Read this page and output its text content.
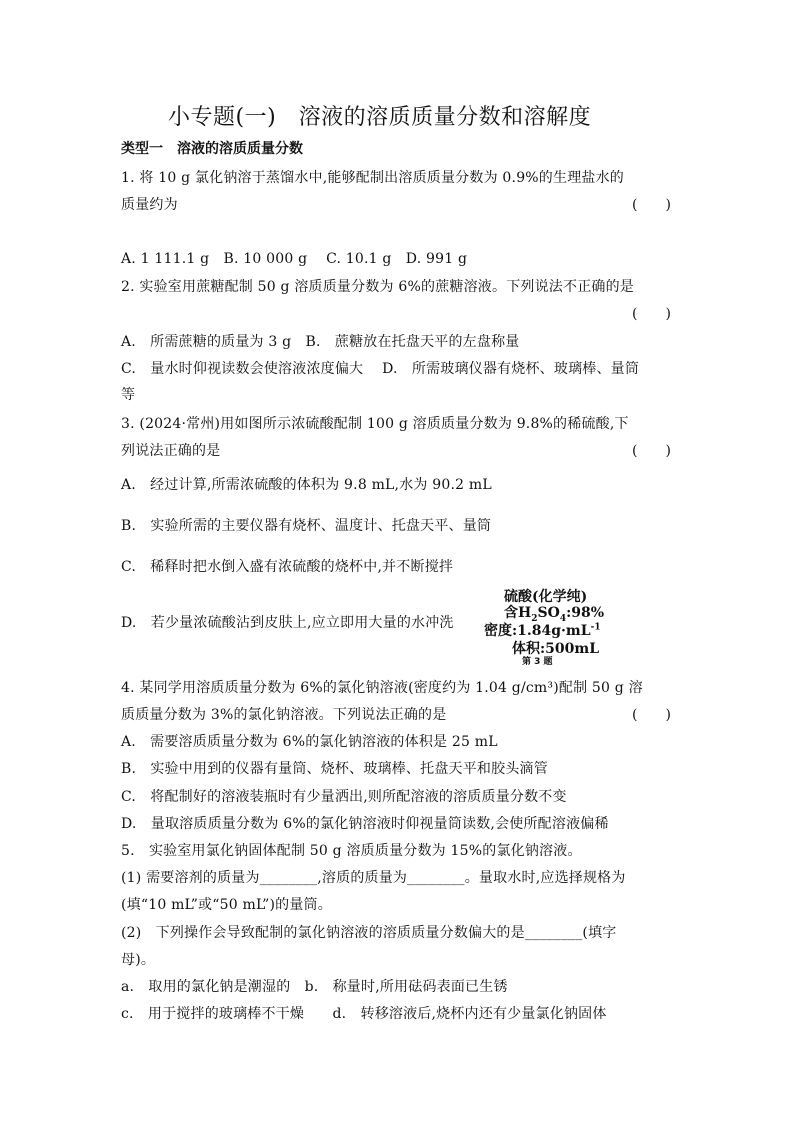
小专题(一)　溶液的溶质质量分数和溶解度
类型一　溶液的溶质质量分数
1. 将 10 g 氯化钠溶于蒸馏水中,能够配制出溶质质量分数为 0.9%的生理盐水的
质量约为	(　　)
A. 1 111.1 g　B. 10 000 g　 C. 10.1 g　D. 991 g
2. 实验室用蔗糖配制 50 g 溶质质量分数为 6%的蔗糖溶液。下列说法不正确的是
(　　)
A.　所需蔗糖的质量为 3 g　B.　蔗糖放在托盘天平的左盘称量
C.　量水时仰视读数会使溶液浓度偏大　 D.　所需玻璃仪器有烧杯、玻璃棒、量筒
等
3. (2024·常州)用如图所示浓硫酸配制 100 g 溶质质量分数为 9.8%的稀硫酸,下
列说法正确的是	(　　)
A.　经过计算,所需浓硫酸的体积为 9.8 mL,水为 90.2 mL
B.　实验所需的主要仪器有烧杯、温度计、托盘天平、量筒
C.　稀释时把水倒入盛有浓硫酸的烧杯中,并不断搅拌
D.　若少量浓硫酸沾到皮肤上,应立即用大量的水冲洗
硫酸(化学纯)
含$H_2SO_4:98\%$
密度$:1.84g\cdot mL^{-1}$
体积:500mL
第 3 题
4. 某同学用溶质质量分数为 6%的氯化钠溶液(密度约为 1.04 g/cm³)配制 50 g 溶
质质量分数为 3%的氯化钠溶液。下列说法正确的是	(　　)
A.　需要溶质质量分数为 6%的氯化钠溶液的体积是 25 mL
B.　实验中用到的仪器有量筒、烧杯、玻璃棒、托盘天平和胶头滴管
C.　将配制好的溶液装瓶时有少量洒出,则所配溶液的溶质质量分数不变
D.　量取溶质质量分数为 6%的氯化钠溶液时仰视量筒读数,会使所配溶液偏稀
5.　实验室用氯化钠固体配制 50 g 溶质质量分数为 15%的氯化钠溶液。
(1) 需要溶剂的质量为________,溶质的质量为________。量取水时,应选择规格为
(填“10 mL”或“50 mL”)的量筒。
(2)　下列操作会导致配制的氯化钠溶液的溶质质量分数偏大的是________(填字
母)。
a.　取用的氯化钠是潮湿的　b.　称量时,所用砝码表面已生锈
c.　用于搅拌的玻璃棒不干燥　　d.　转移溶液后,烧杯内还有少量氯化钠固体
